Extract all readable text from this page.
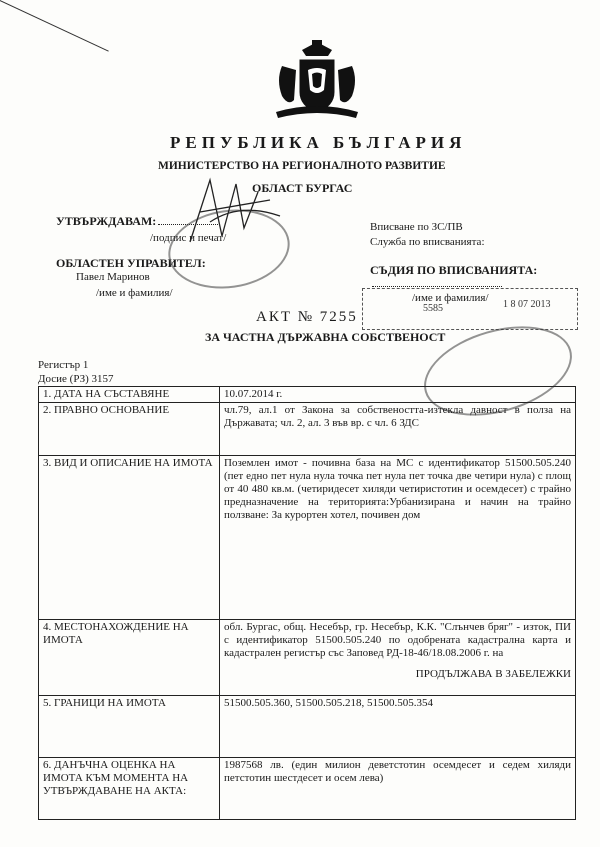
РЕПУБЛИКА БЪЛГАРИЯ
МИНИСТЕРСТВО НА РЕГИОНАЛНОТО РАЗВИТИЕ
ОБЛАСТ БУРГАС
УТВЪРЖДАВАМ:
/подпис и печат/
ОБЛАСТЕН УПРАВИТЕЛ:
Павел Маринов
/име и фамилия/
Вписване по ЗС/ПВ
Служба по вписванията:
СЪДИЯ ПО ВПИСВАНИЯТА:
/име и фамилия/
5585	1 8 07 2013
АКТ № 7255
ЗА ЧАСТНА ДЪРЖАВНА СОБСТВЕНОСТ
Регистър 1
Досие (РЗ) 3157
1. ДАТА НА СЪСТАВЯНЕ	10.07.2014 г.
2. ПРАВНО ОСНОВАНИЕ	чл.79, ал.1 от Закона за собствеността-изтекла давност в полза на Държавата; чл. 2, ал. 3 във вр. с чл. 6 ЗДС
3. ВИД И ОПИСАНИЕ НА ИМОТА	Поземлен имот - почивна база на МС с идентификатор 51500.505.240 (пет едно пет нула нула точка пет нула пет точка две четири нула) с площ от 40 480 кв.м. (четиридесет хиляди четиристотин и осемдесет) с трайно предназначение на територията:Урбанизирана и начин на трайно ползване: За курортен хотел, почивен дом
4. МЕСТОНАХОЖДЕНИЕ НА ИМОТА	обл. Бургас, общ. Несебър, гр. Несебър, К.К. "Слънчев бряг" - изток, ПИ с идентификатор 51500.505.240 по одобрената кадастрална карта и кадастрален регистър със Заповед РД-18-46/18.08.2006 г. на
ПРОДЪЛЖАВА В ЗАБЕЛЕЖКИ

5. ГРАНИЦИ НА ИМОТА	51500.505.360, 51500.505.218, 51500.505.354
6. ДАНЪЧНА ОЦЕНКА НА ИМОТА КЪМ МОМЕНТА НА УТВЪРЖДАВАНЕ НА АКТА:	1987568 лв. (един милион деветстотин осемдесет и седем хиляди петстотин шестдесет и осем лева)
